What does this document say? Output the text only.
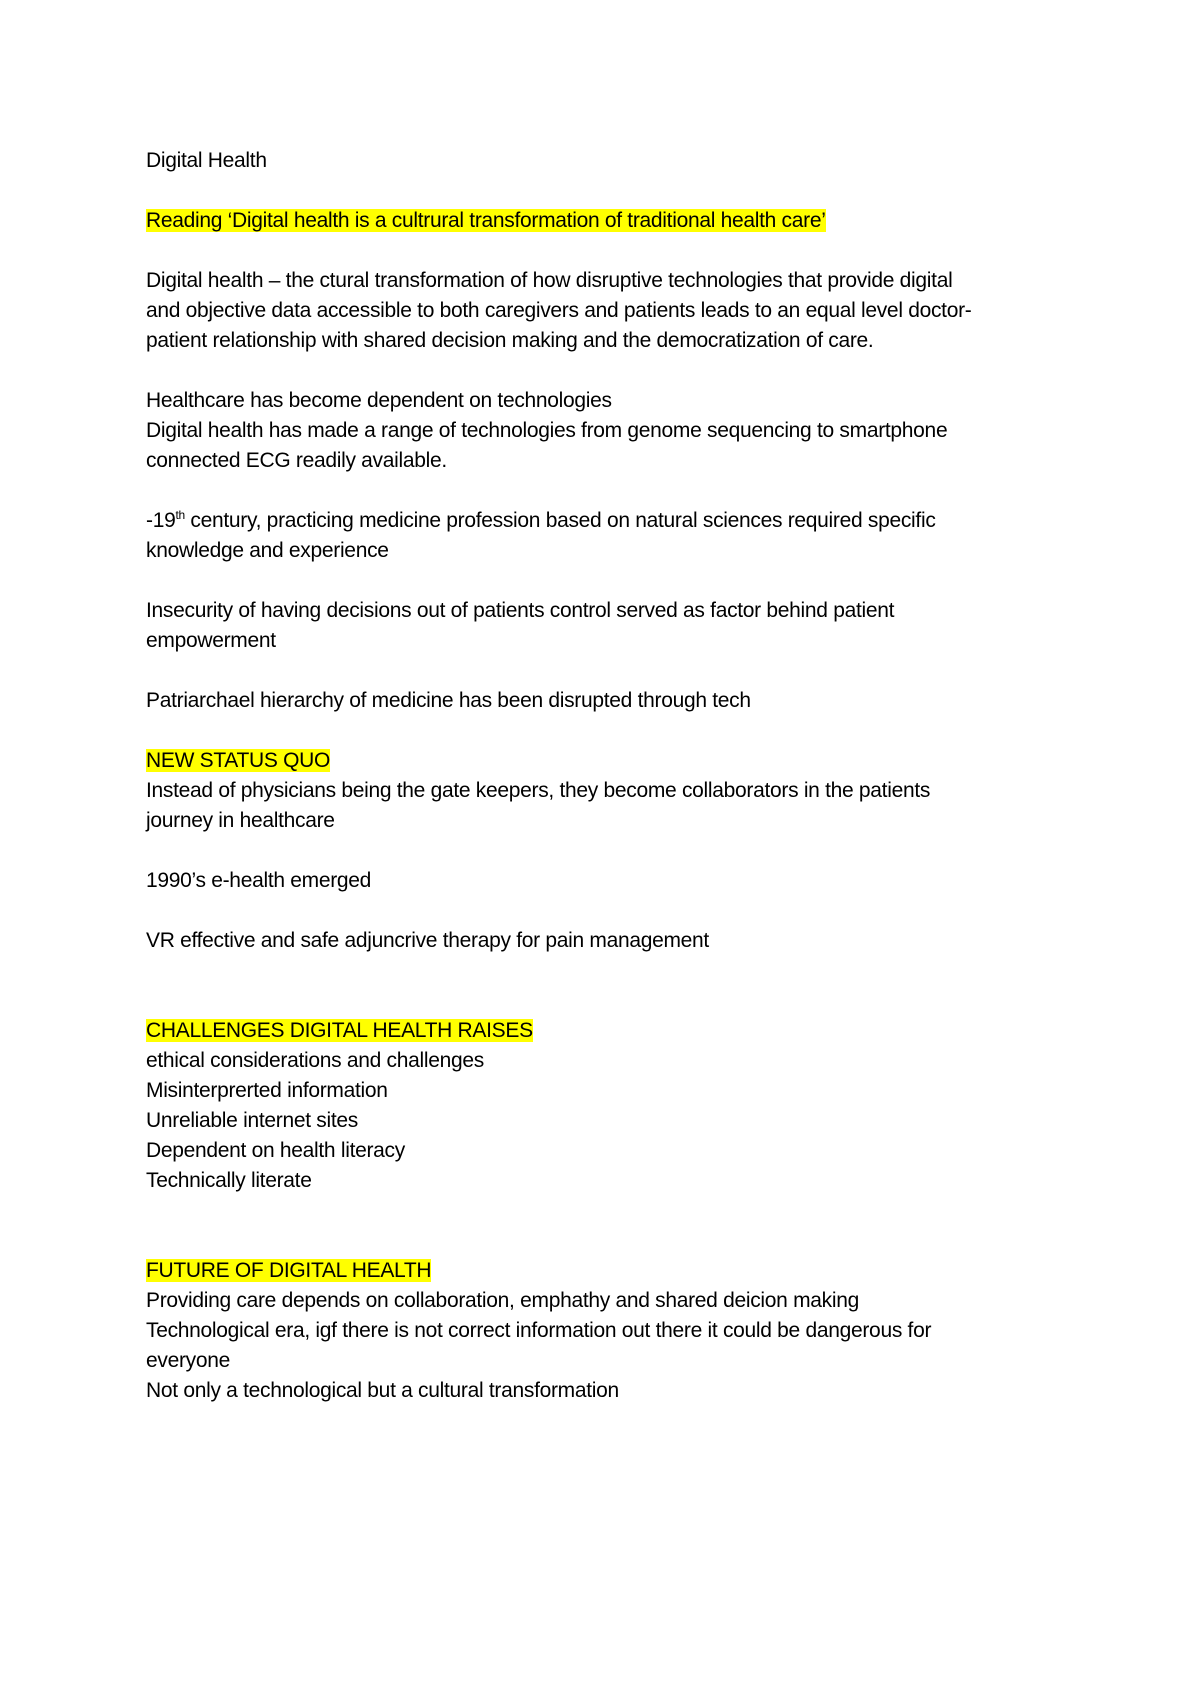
Digital Health

Reading ‘Digital health is a cultrural transformation of traditional health care’

Digital health – the ctural transformation of how disruptive technologies that provide digital
and objective data accessible to both caregivers and patients leads to an equal level doctor-
patient relationship with shared decision making and the democratization of care.

Healthcare has become dependent on technologies
Digital health has made a range of technologies from genome sequencing to smartphone
connected ECG readily available.

-19th century, practicing medicine profession based on natural sciences required specific
knowledge and experience

Insecurity of having decisions out of patients control served as factor behind patient
empowerment

Patriarchael hierarchy of medicine has been disrupted through tech

NEW STATUS QUO
Instead of physicians being the gate keepers, they become collaborators in the patients
journey in healthcare

1990’s e-health emerged

VR effective and safe adjuncrive therapy for pain management

CHALLENGES DIGITAL HEALTH RAISES
ethical considerations and challenges
Misinterprerted information
Unreliable internet sites
Dependent on health literacy
Technically literate

FUTURE OF DIGITAL HEALTH
Providing care depends on collaboration, emphathy and shared deicion making
Technological era, igf there is not correct information out there it could be dangerous for
everyone
Not only a technological but a cultural transformation
